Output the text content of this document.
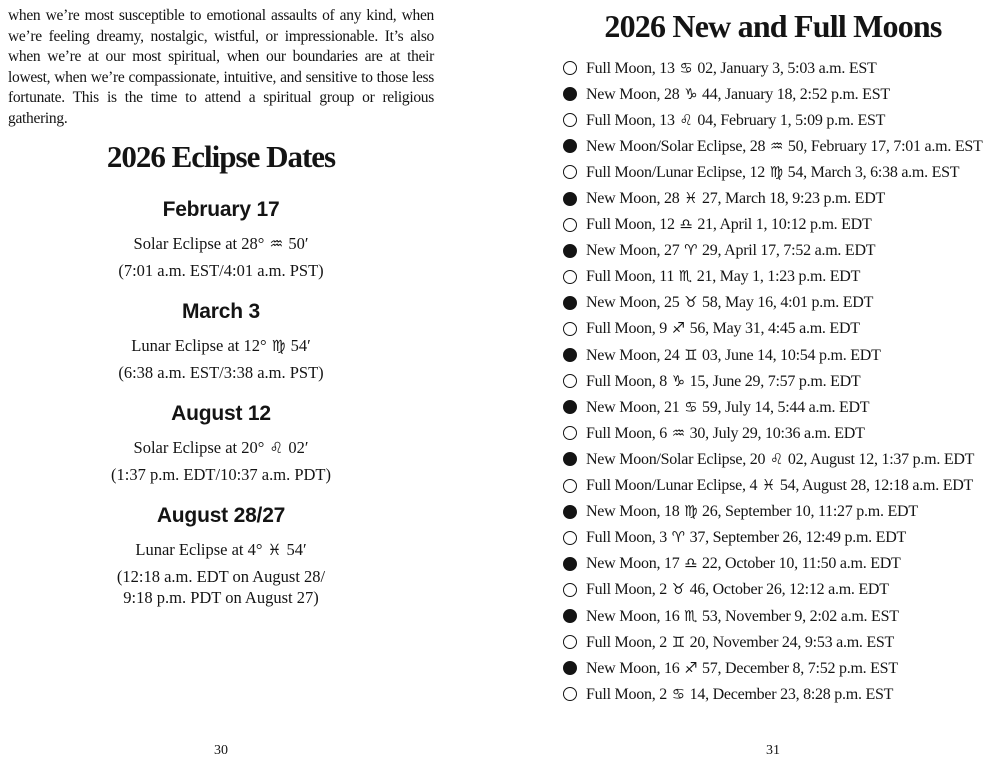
when we’re most susceptible to emotional assaults of any kind, when we’re feeling dreamy, nostalgic, wistful, or impressionable. It’s also when we’re at our most spiritual, when our boundaries are at their lowest, when we’re compassionate, intuitive, and sensitive to those less fortunate. This is the time to attend a spiritual group or religious gathering.

2026 Eclipse Dates
February 17

Solar Eclipse at 28° ♒ 50′

(7:01 a.m. EST/4:01 a.m. PST)

March 3

Lunar Eclipse at 12° ♍ 54′

(6:38 a.m. EST/3:38 a.m. PST)

August 12

Solar Eclipse at 20° ♌ 02′

(1:37 p.m. EDT/10:37 a.m. PDT)

August 28/27

Lunar Eclipse at 4° ♓ 54′

(12:18 a.m. EDT on August 28/

9:18 p.m. PDT on August 27)

30
2026 New and Full Moons
Full Moon, 13 ♋ 02, January 3, 5:03 a.m. EST
New Moon, 28 ♑ 44, January 18, 2:52 p.m. EST
Full Moon, 13 ♌ 04, February 1, 5:09 p.m. EST
New Moon/Solar Eclipse, 28 ♒ 50, February 17, 7:01 a.m. EST
Full Moon/Lunar Eclipse, 12 ♍ 54, March 3, 6:38 a.m. EST
New Moon, 28 ♓ 27, March 18, 9:23 p.m. EDT
Full Moon, 12 ♎ 21, April 1, 10:12 p.m. EDT
New Moon, 27 ♈ 29, April 17, 7:52 a.m. EDT
Full Moon, 11 ♏ 21, May 1, 1:23 p.m. EDT
New Moon, 25 ♉ 58, May 16, 4:01 p.m. EDT
Full Moon, 9 ♐ 56, May 31, 4:45 a.m. EDT
New Moon, 24 ♊ 03, June 14, 10:54 p.m. EDT
Full Moon, 8 ♑ 15, June 29, 7:57 p.m. EDT
New Moon, 21 ♋ 59, July 14, 5:44 a.m. EDT
Full Moon, 6 ♒ 30, July 29, 10:36 a.m. EDT
New Moon/Solar Eclipse, 20 ♌ 02, August 12, 1:37 p.m. EDT
Full Moon/Lunar Eclipse, 4 ♓ 54, August 28, 12:18 a.m. EDT
New Moon, 18 ♍ 26, September 10, 11:27 p.m. EDT
Full Moon, 3 ♈ 37, September 26, 12:49 p.m. EDT
New Moon, 17 ♎ 22, October 10, 11:50 a.m. EDT
Full Moon, 2 ♉ 46, October 26, 12:12 a.m. EDT
New Moon, 16 ♏ 53, November 9, 2:02 a.m. EST
Full Moon, 2 ♊ 20, November 24, 9:53 a.m. EST
New Moon, 16 ♐ 57, December 8, 7:52 p.m. EST
Full Moon, 2 ♋ 14, December 23, 8:28 p.m. EST
31
